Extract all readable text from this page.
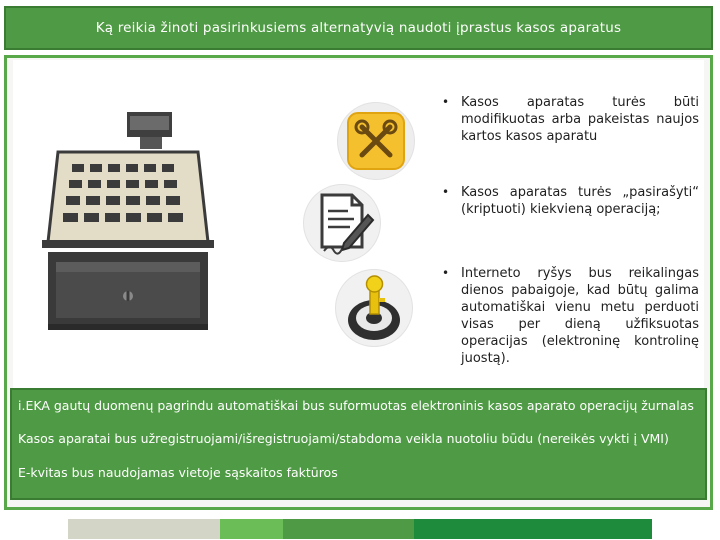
Ką reikia žinoti pasirinkusiems alternatyvią naudoti įprastus kasos aparatus
• Kasos aparatas turės būti modifikuotas arba pakeistas naujos kartos kasos aparatu
• Kasos aparatas turės „pasirašyti“ (kriptuoti) kiekvieną operaciją;
• Interneto ryšys bus reikalingas dienos pabaigoje, kad būtų galima automatiškai vienu metu perduoti visas per dieną užfiksuotas operacijas (elektroninę kontrolinę juostą).

i.EKA gautų duomenų pagrindu automatiškai bus suformuotas elektroninis kasos aparato operacijų žurnalas

Kasos aparatai bus užregistruojami/išregistruojami/stabdoma veikla nuotoliu būdu (nereikės vykti į VMI)

E-kvitas bus naudojamas vietoje sąskaitos faktūros
